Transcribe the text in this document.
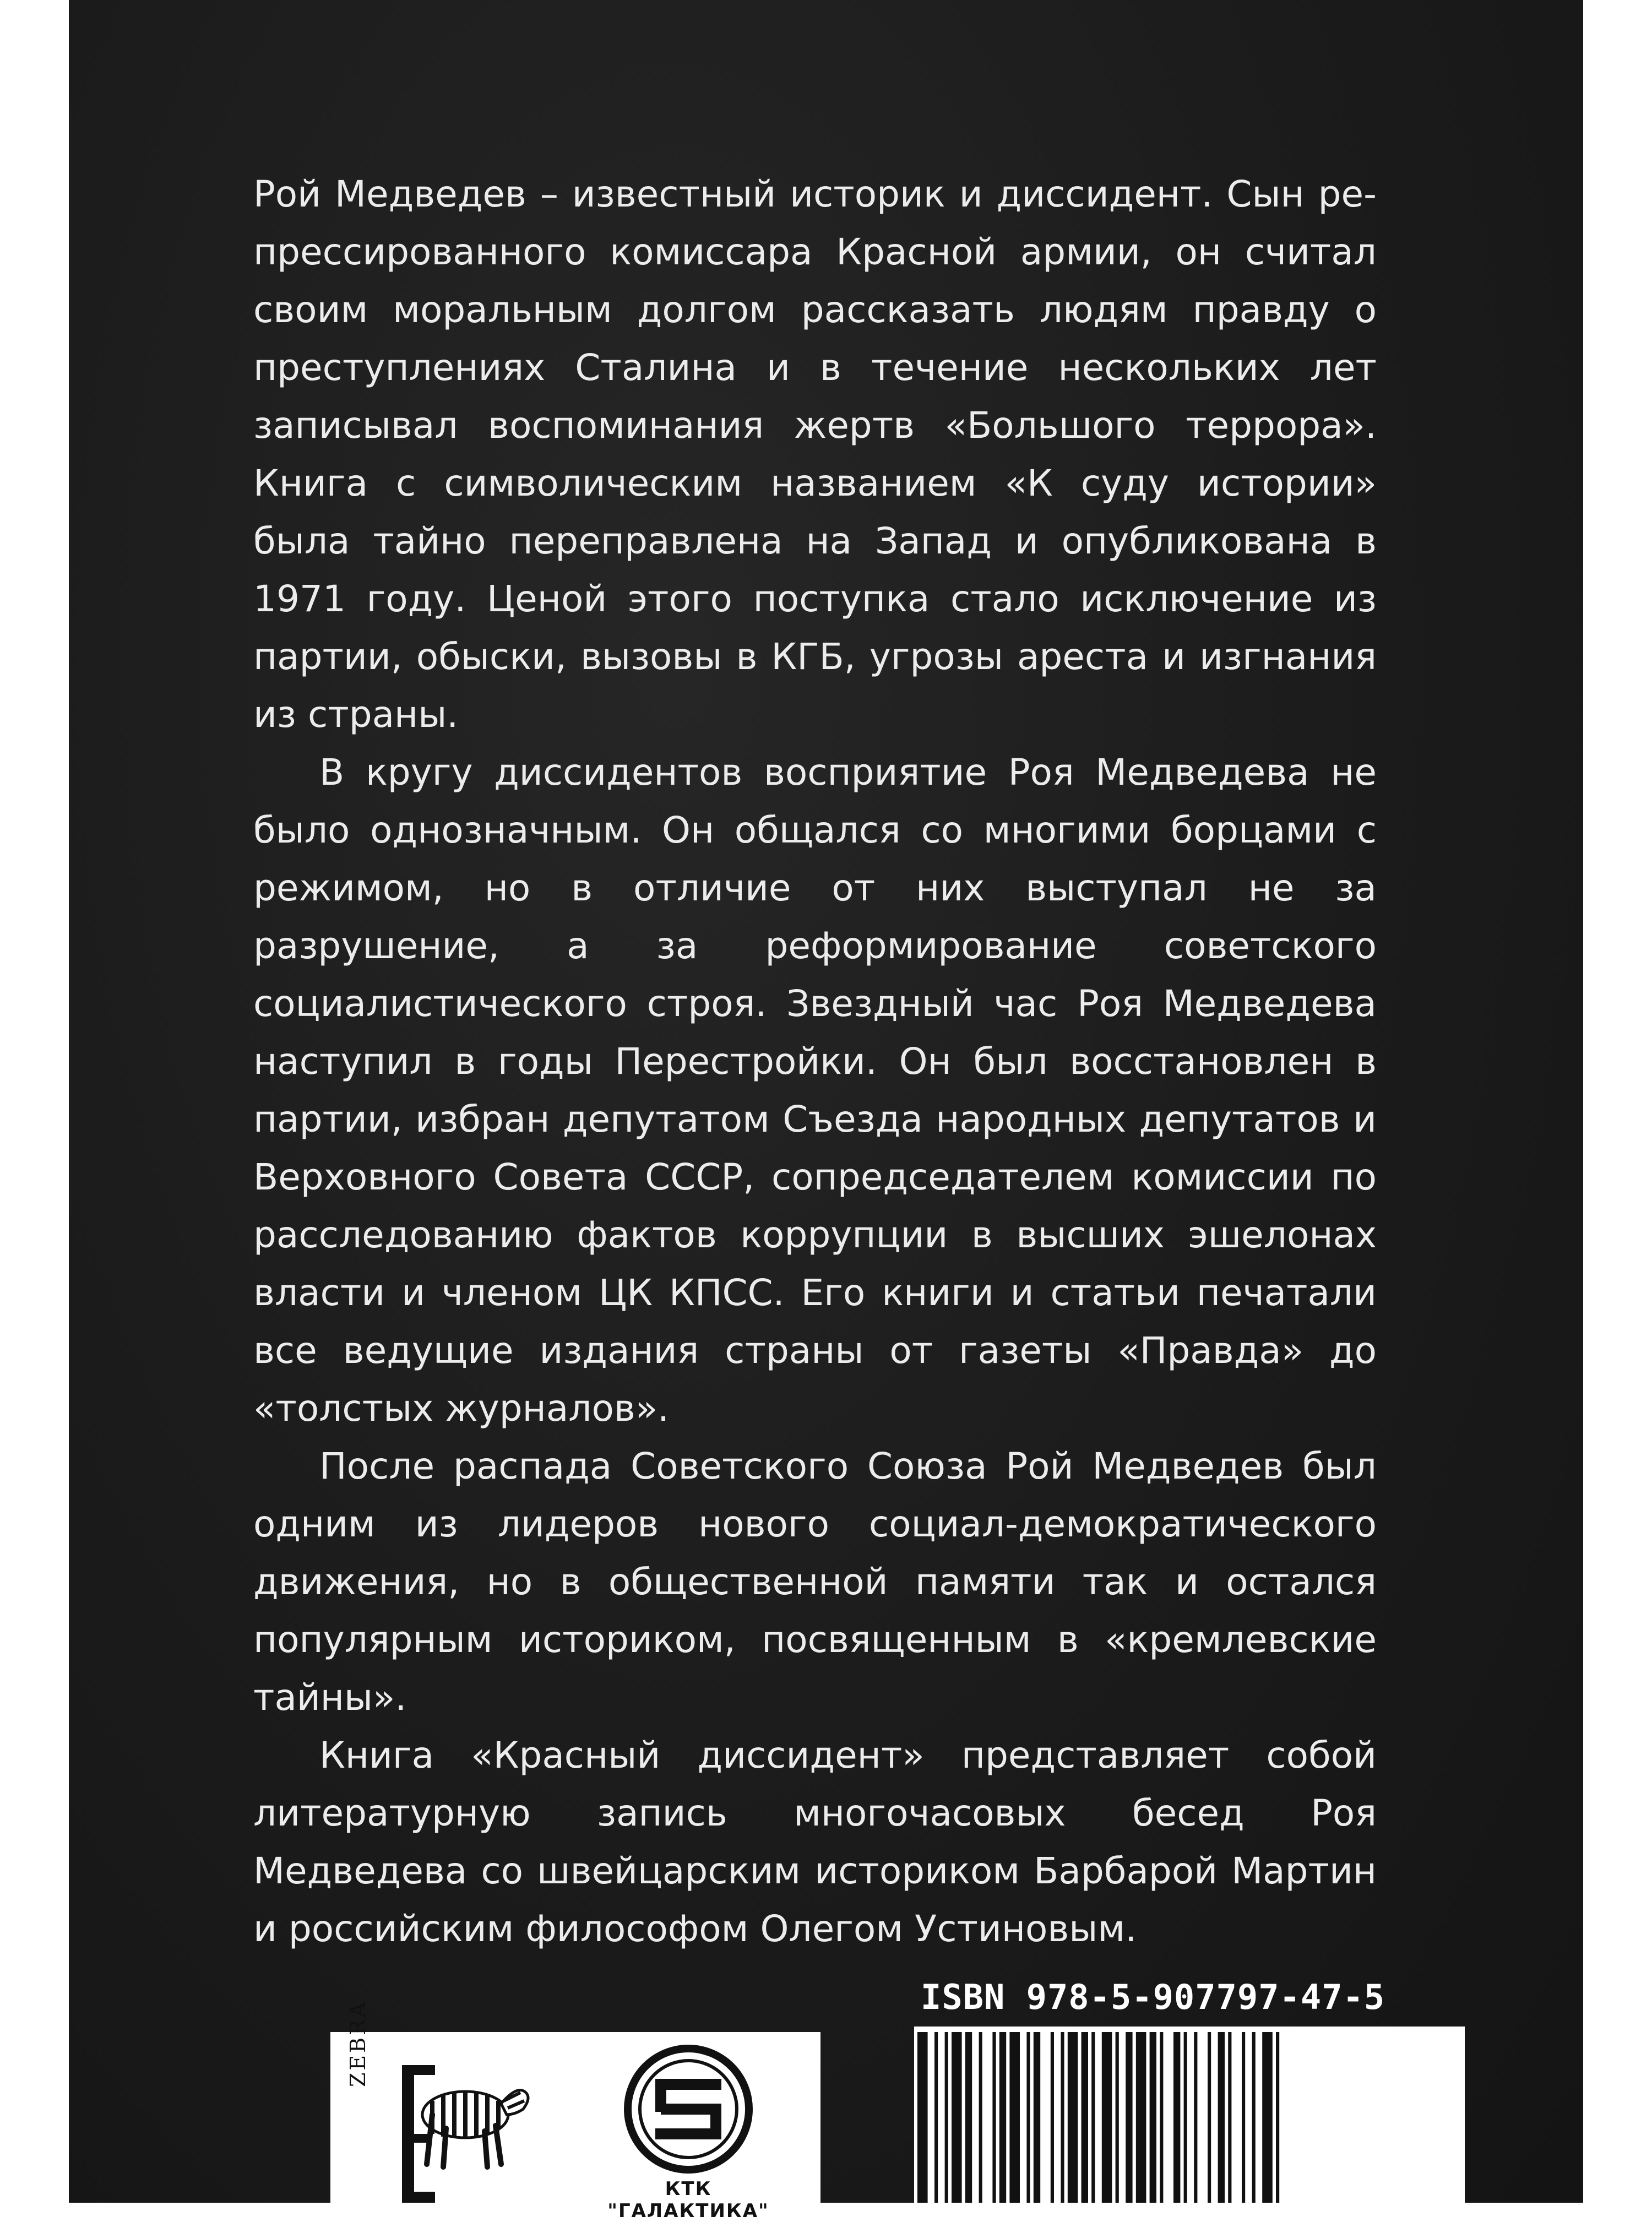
Рой Медведев – известный историк и диссидент. Сын репрессированного комиссара Красной армии, он считал своим моральным долгом рассказать людям правду о преступлениях Сталина и в течение нескольких лет записывал воспоминания жертв «Большого террора». Книга с символическим названием «К суду истории» была тайно переправлена на Запад и опубликована в 1971 году. Ценой этого поступка стало исключение из партии, обыски, вызовы в КГБ, угрозы ареста и изгнания из страны.

В кругу диссидентов восприятие Роя Медведева не было однозначным. Он общался со многими борцами с режимом, но в отличие от них выступал не за разрушение, а за реформирование советского социалистического строя. Звездный час Роя Медведева наступил в годы Перестройки. Он был восстановлен в партии, избран депутатом Съезда народных депутатов и Верховного Совета СССР, сопредседателем комиссии по расследованию фактов коррупции в высших эшелонах власти и членом ЦК КПСС. Его книги и статьи печатали все ведущие издания страны от газеты «Правда» до «толстых журналов».

После распада Советского Союза Рой Медведев был одним из лидеров нового социал-демократического движения, но в общественной памяти так и остался популярным историком, посвященным в «кремлевские тайны».

Книга «Красный диссидент» представляет собой литературную запись многочасовых бесед Роя Медведева со швейцарским историком Барбарой Мартин и российским философом Олегом Устиновым.

ISBN 978-5-907797-47-5
ZEBRA
КТК "ГАЛАКТИКА"
